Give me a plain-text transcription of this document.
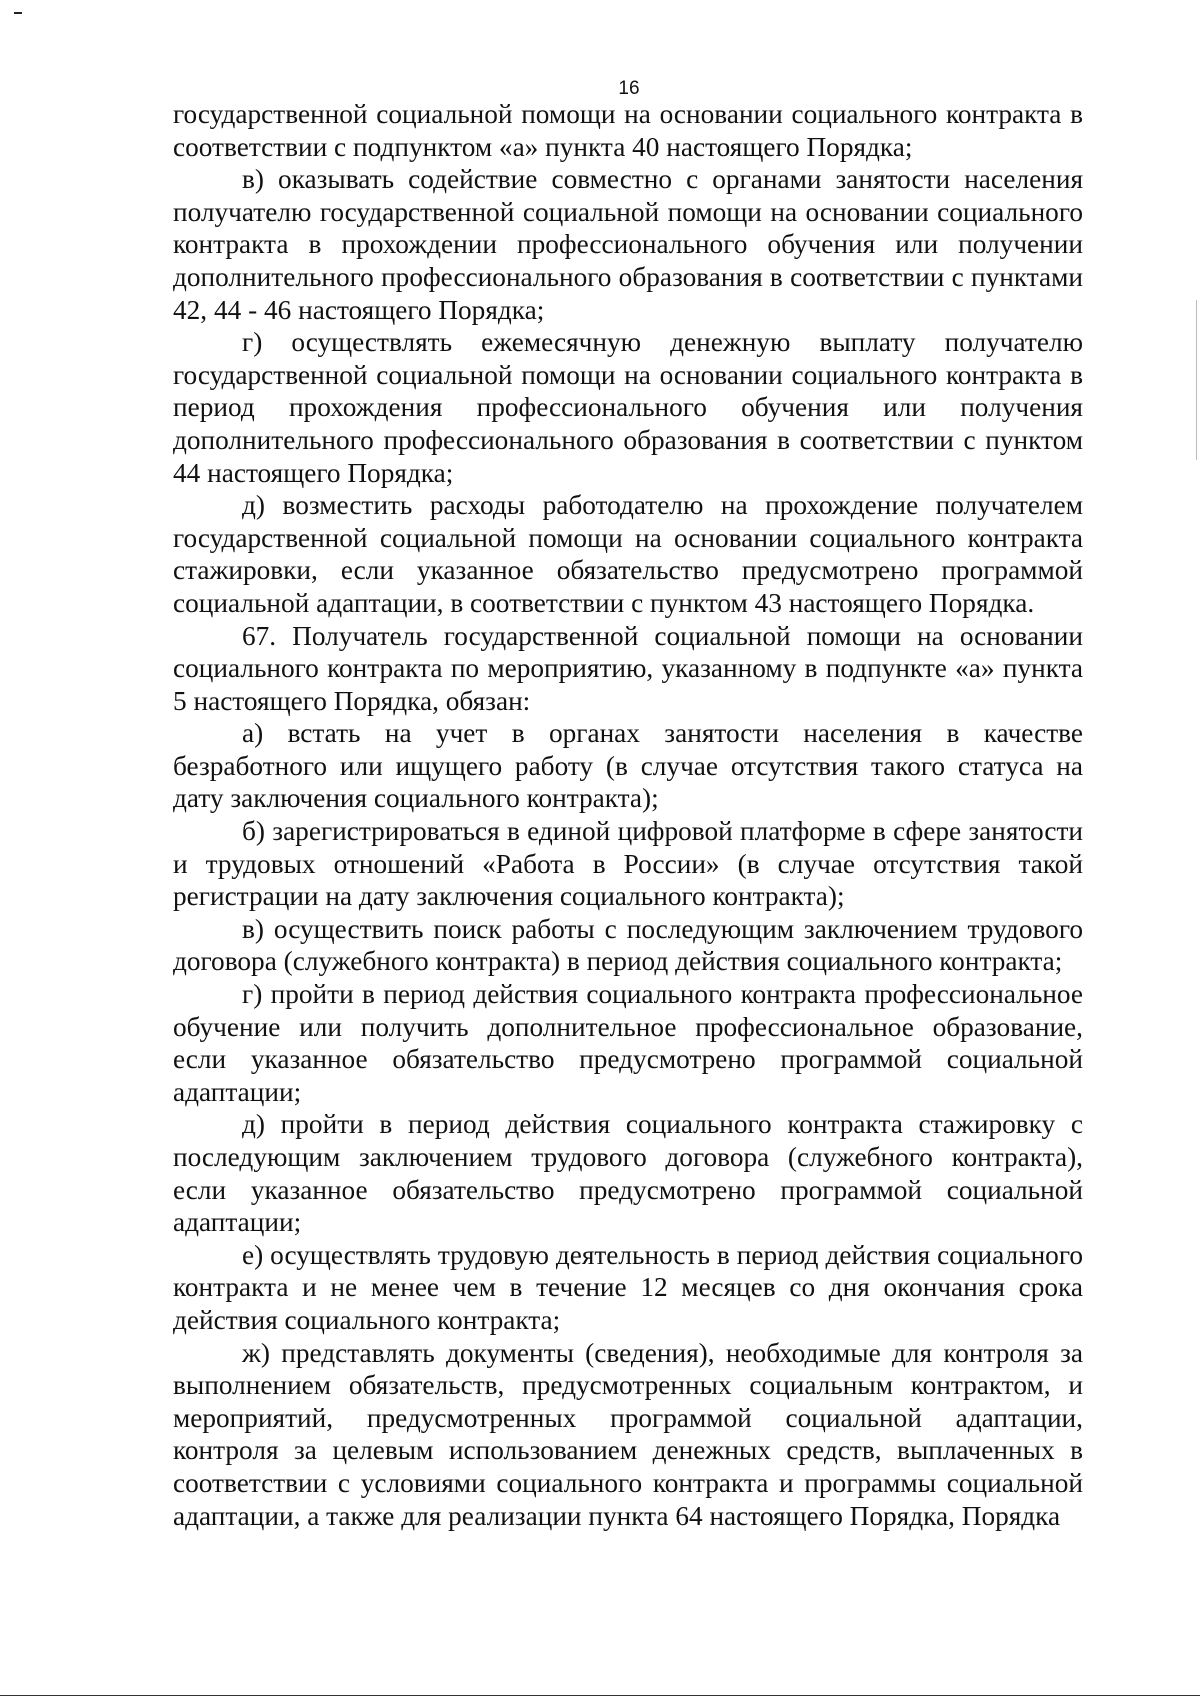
16

государственной социальной помощи на основании социального контракта в соответствии с подпунктом «а» пункта 40 настоящего Порядка;

в) оказывать содействие совместно с органами занятости населения получателю государственной социальной помощи на основании социального контракта в прохождении профессионального обучения или получении дополнительного профессионального образования в соответствии с пунктами 42, 44 - 46 настоящего Порядка;

г) осуществлять ежемесячную денежную выплату получателю государственной социальной помощи на основании социального контракта в период прохождения профессионального обучения или получения дополнительного профессионального образования в соответствии с пунктом 44 настоящего Порядка;

д) возместить расходы работодателю на прохождение получателем государственной социальной помощи на основании социального контракта стажировки, если указанное обязательство предусмотрено программой социальной адаптации, в соответствии с пунктом 43 настоящего Порядка.

67. Получатель государственной социальной помощи на основании социального контракта по мероприятию, указанному в подпункте «а» пункта 5 настоящего Порядка, обязан:

а) встать на учет в органах занятости населения в качестве безработного или ищущего работу (в случае отсутствия такого статуса на дату заключения социального контракта);

б) зарегистрироваться в единой цифровой платформе в сфере занятости и трудовых отношений «Работа в России» (в случае отсутствия такой регистрации на дату заключения социального контракта);

в) осуществить поиск работы с последующим заключением трудового договора (служебного контракта) в период действия социального контракта;

г) пройти в период действия социального контракта профессиональное обучение или получить дополнительное профессиональное образование, если указанное обязательство предусмотрено программой социальной адаптации;

д) пройти в период действия социального контракта стажировку с последующим заключением трудового договора (служебного контракта), если указанное обязательство предусмотрено программой социальной адаптации;

е) осуществлять трудовую деятельность в период действия социального контракта и не менее чем в течение 12 месяцев со дня окончания срока действия социального контракта;

ж) представлять документы (сведения), необходимые для контроля за выполнением обязательств, предусмотренных социальным контрактом, и мероприятий, предусмотренных программой социальной адаптации, контроля за целевым использованием денежных средств, выплаченных в соответствии с условиями социального контракта и программы социальной адаптации, а также для реализации пункта 64 настоящего Порядка, Порядка
